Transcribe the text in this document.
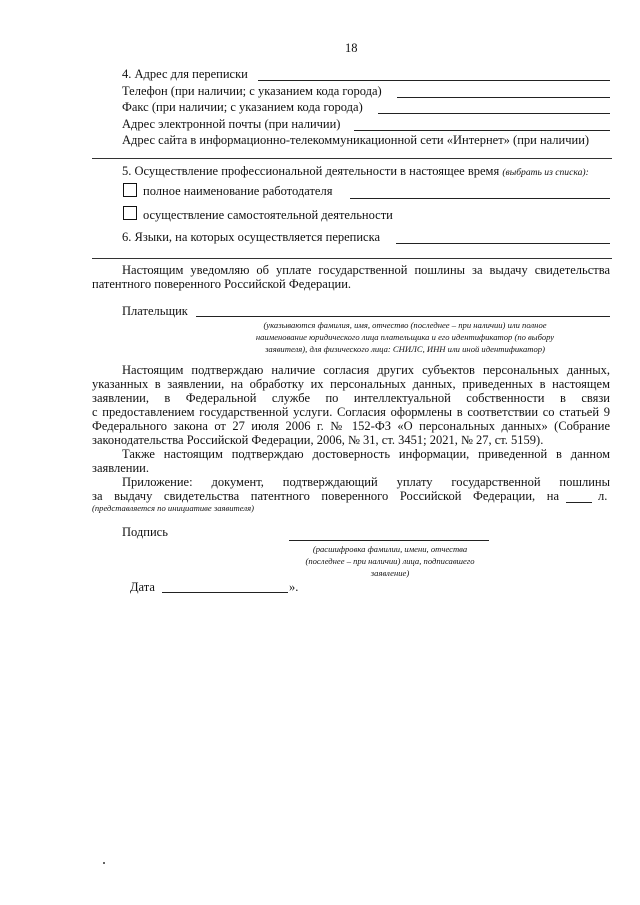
18
4. Адрес для переписки
Телефон (при наличии; с указанием кода города)
Факс (при наличии; с указанием кода города)
Адрес электронной почты (при наличии)
Адрес сайта в информационно-телекоммуникационной сети «Интернет» (при наличии)
5. Осуществление профессиональной деятельности в настоящее время (выбрать из списка):
полное наименование работодателя
осуществление самостоятельной деятельности
6. Языки, на которых осуществляется переписка
Настоящим уведомляю об уплате государственной пошлины за выдачу свидетельства
патентного поверенного Российской Федерации.
Плательщик
(указываются фамилия, имя, отчество (последнее – при наличии) или полное
наименование юридического лица плательщика и его идентификатор (по выбору
заявителя), для физического лица: СНИЛС, ИНН или иной идентификатор)
Настоящим подтверждаю наличие согласия других субъектов персональных данных,
указанных в заявлении, на обработку их персональных данных, приведенных в настоящем
заявлении, в Федеральной службе по интеллектуальной собственности в связи
с предоставлением государственной услуги. Согласия оформлены в соответствии со статьей 9
Федерального закона от 27 июля 2006 г. № 152-ФЗ «О персональных данных» (Собрание
законодательства Российской Федерации, 2006, № 31, ст. 3451; 2021, № 27, ст. 5159).
Также настоящим подтверждаю достоверность информации, приведенной в данном
заявлении.
Приложение: документ, подтверждающий уплату государственной пошлины
за выдачу свидетельства патентного поверенного Российской Федерации, на	л.
(представляется по инициативе заявителя)
Подпись
(расшифровка фамилии, имени, отчества
(последнее – при наличии) лица, подписавшего
заявление)
Дата	».
